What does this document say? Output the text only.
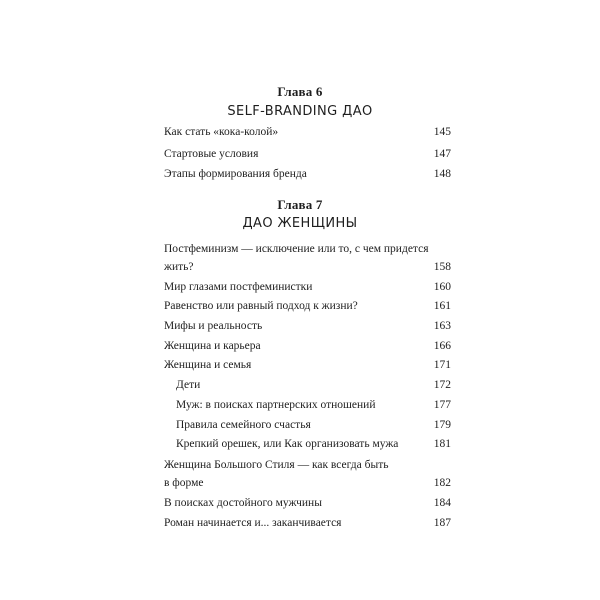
Глава 6
SELF-BRANDING ДАО
Как стать «кока-колой»	145
Стартовые условия	147
Этапы формирования бренда	148
Глава 7
ДАО ЖЕНЩИНЫ
Постфеминизм — исключение или то, с чем придется
жить?	158
Мир глазами постфеминистки	160
Равенство или равный подход к жизни?	161
Мифы и реальность	163
Женщина и карьера	166
Женщина и семья	171
Дети	172
Муж: в поисках партнерских отношений	177
Правила семейного счастья	179
Крепкий орешек, или Как организовать мужа	181
Женщина Большого Стиля — как всегда быть
в форме	182
В поисках достойного мужчины	184
Роман начинается и... заканчивается	187
